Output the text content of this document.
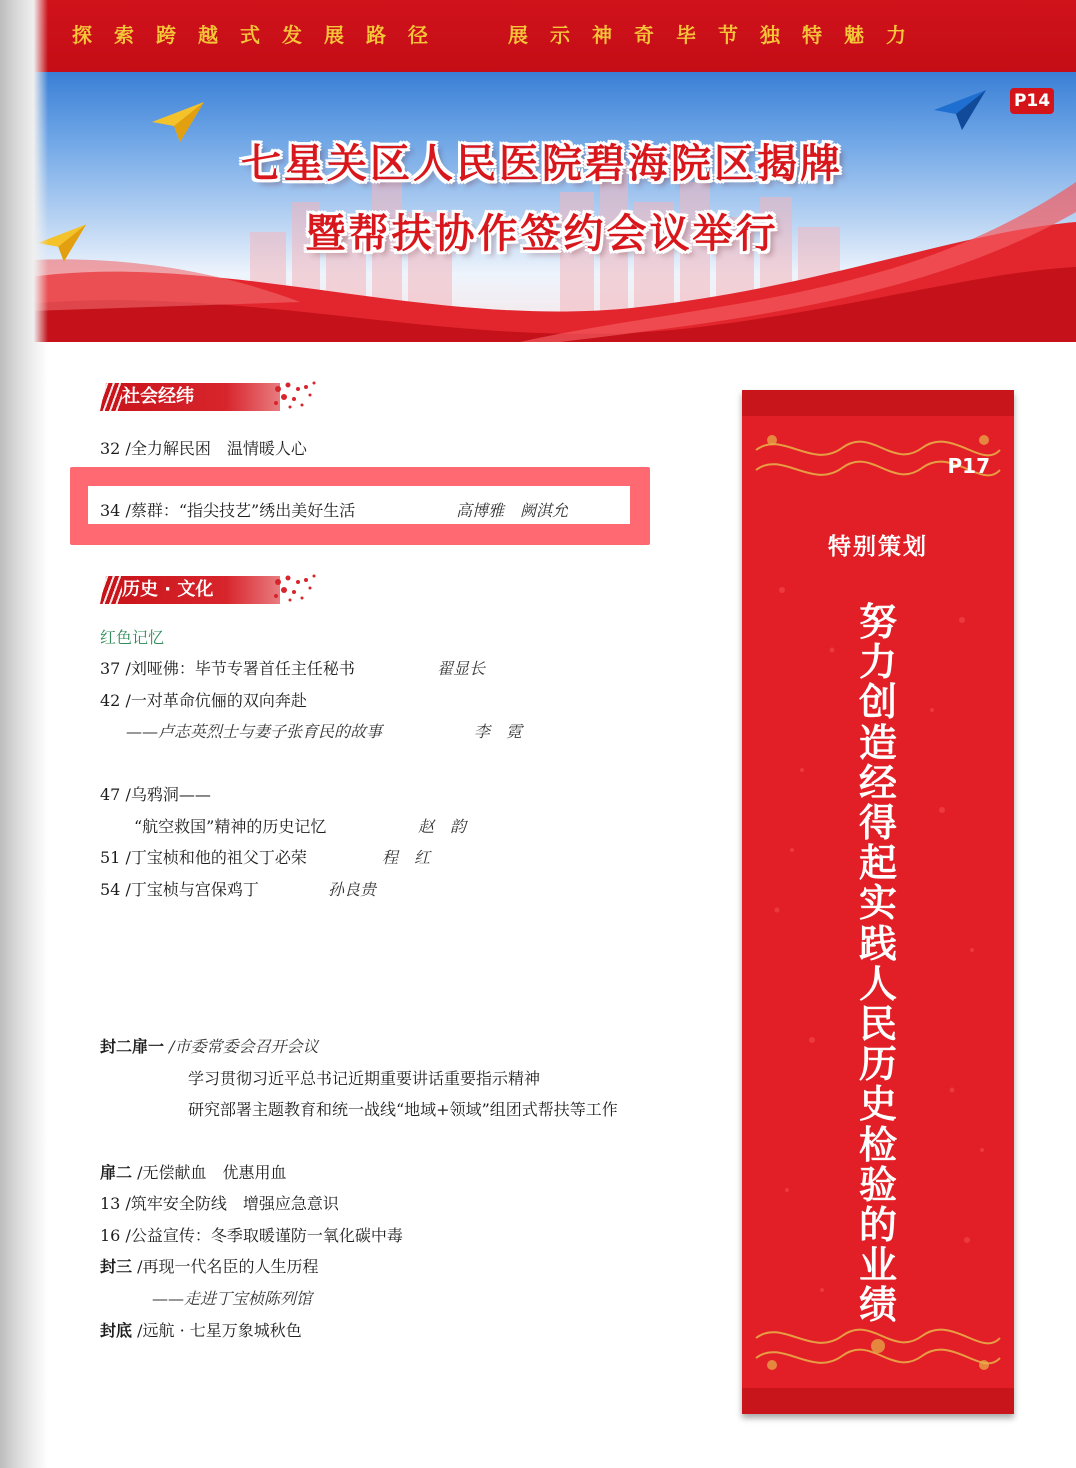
探索跨越式发展路径	展示神奇毕节独特魅力
P14
七星关区人民医院碧海院区揭牌
暨帮扶协作签约会议举行
社会经纬
32 /全力解民困　温情暖人心
34 /蔡群：“指尖技艺”绣出美好生活	高博雅　阙淇允
历史 · 文化
红色记忆
37 /刘哑佛：毕节专署首任主任秘书	翟显长
42 /一对革命伉俪的双向奔赴
——卢志英烈士与妻子张育民的故事	李　霓
47 /乌鸦洞——
“航空救国”精神的历史记忆	赵　韵
51 /丁宝桢和他的祖父丁必荣	程　红
54 /丁宝桢与宫保鸡丁	孙良贵
封二扉一 /市委常委会召开会议
学习贯彻习近平总书记近期重要讲话重要指示精神
研究部署主题教育和统一战线“地域+领域”组团式帮扶等工作
扉二 /无偿献血　优惠用血
13 /筑牢安全防线　增强应急意识
16 /公益宣传：冬季取暖谨防一氧化碳中毒
封三 /再现一代名臣的人生历程
——走进丁宝桢陈列馆
封底 /远航 · 七星万象城秋色
P17
特别策划
努力创造经得起实践人民历史检验的业绩
